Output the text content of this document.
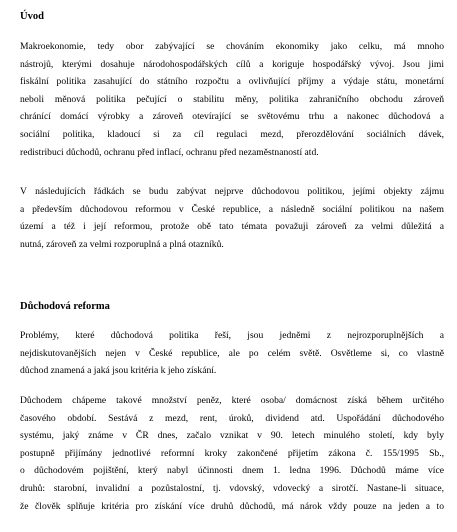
Úvod

Makroekonomie, tedy obor zabývající se chováním ekonomiky jako celku, má mnoho
nástrojů, kterými dosahuje národohospodářských cílů a koriguje hospodářský vývoj. Jsou jimi
fiskální politika zasahující do státního rozpočtu a ovlivňující příjmy a výdaje státu, monetární
neboli měnová politika pečující o stabilitu měny, politika zahraničního obchodu zároveň
chránící domácí výrobky a zároveň otevírající se světovému trhu a nakonec důchodová a
sociální politika, kladoucí si za cíl regulaci mezd, přerozdělování sociálních dávek,
redistribuci důchodů, ochranu před inflací, ochranu před nezaměstnaností atd.

V následujících řádkách se budu zabývat nejprve důchodovou politikou, jejími objekty zájmu
a především důchodovou reformou v České republice, a následně sociální politikou na našem
území a též i její reformou, protože obě tato témata považuji zároveň za velmi důležitá a
nutná, zároveň za velmi rozporuplná a plná otazníků.

Důchodová reforma

Problémy, které důchodová politika řeší, jsou jedněmi z nejrozporuplnějších a
nejdiskutovanějších nejen v České republice, ale po celém světě. Osvětleme si, co vlastně
důchod znamená a jaká jsou kritéria k jeho získání.

Důchodem chápeme takové množství peněz, které osoba/ domácnost získá během určitého
časového období. Sestává z mezd, rent, úroků, dividend atd. Uspořádání důchodového
systému, jaký známe v ČR dnes, začalo vznikat v 90. letech minulého století, kdy byly
postupně přijímány jednotlivé reformní kroky zakončené přijetím zákona č. 155/1995 Sb.,
o důchodovém pojištění, který nabyl účinnosti dnem 1. ledna 1996. Důchodů máme více
druhů: starobní, invalidní a pozůstalostní, tj. vdovský, vdovecký a sirotčí. Nastane-li situace,
že člověk splňuje kritéria pro získání více druhů důchodů, má nárok vždy pouze na jeden a to
